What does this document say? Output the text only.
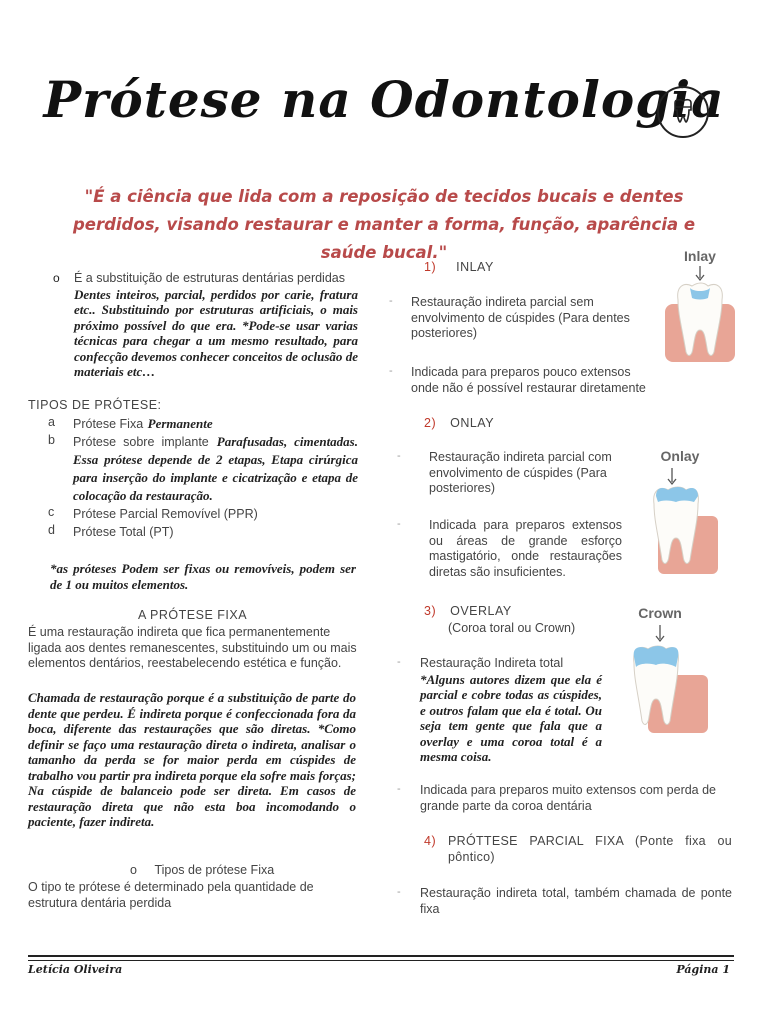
Prótese na Odontologia
"É a ciência que lida com a reposição de tecidos bucais e dentes perdidos, visando restaurar e manter a forma, função, aparência e saúde bucal."
o É a substituição de estruturas dentárias perdidas
Dentes inteiros, parcial, perdidos por carie, fratura etc.. Substituindo por estruturas artificiais, o mais próximo possível do que era. *Pode-se usar varias técnicas para chegar a um mesmo resultado, para confecção devemos conhecer conceitos de oclusão de materiais etc…
TIPOS DE PRÓTESE:
a Prótese Fixa Permanente
b Prótese sobre implante Parafusadas, cimentadas. Essa prótese depende de 2 etapas, Etapa cirúrgica para inserção do implante e cicatrização e etapa de colocação da restauração.
c Prótese Parcial Removível (PPR)
d Prótese Total (PT)
*as próteses Podem ser fixas ou removíveis, podem ser de 1 ou muitos elementos.
A PRÓTESE FIXA
É uma restauração indireta que fica permanentemente ligada aos dentes remanescentes, substituindo um ou mais elementos dentários, reestabelecendo estética e função.
Chamada de restauração porque é a substituição de parte do dente que perdeu. É indireta porque é confeccionada fora da boca, diferente das restaurações que são diretas. *Como definir se faço uma restauração direta o indireta, analisar o tamanho da perda se for maior perda em cúspides de trabalho vou partir pra indireta porque ela sofre mais forças; Na cúspide de balanceio pode ser direta. Em casos de restauração direta que não esta boa incomodando o paciente, fazer indireta.
o Tipos de prótese Fixa
O tipo te prótese é determinado pela quantidade de estrutura dentária perdida
1) INLAY
- Restauração indireta parcial sem envolvimento de cúspides (Para dentes posteriores)
- Indicada para preparos pouco extensos onde não é possível restaurar diretamente
Inlay
2) ONLAY
- Restauração indireta parcial com envolvimento de cúspides (Para posteriores)
- Indicada para preparos extensos ou áreas de grande esforço mastigatório, onde restaurações diretas são insuficientes.
Onlay
3) OVERLAY
(Coroa toral ou Crown)
- Restauração Indireta total
*Alguns autores dizem que ela é parcial e cobre todas as cúspides, e outros falam que ela é total. Ou seja tem gente que fala que a overlay e uma coroa total é a mesma coisa.
- Indicada para preparos muito extensos com perda de grande parte da coroa dentária
Crown
4) PRÓTTESE PARCIAL FIXA (Ponte fixa ou pôntico)
- Restauração indireta total, também chamada de ponte fixa
Letícia Oliveira	Página 1
